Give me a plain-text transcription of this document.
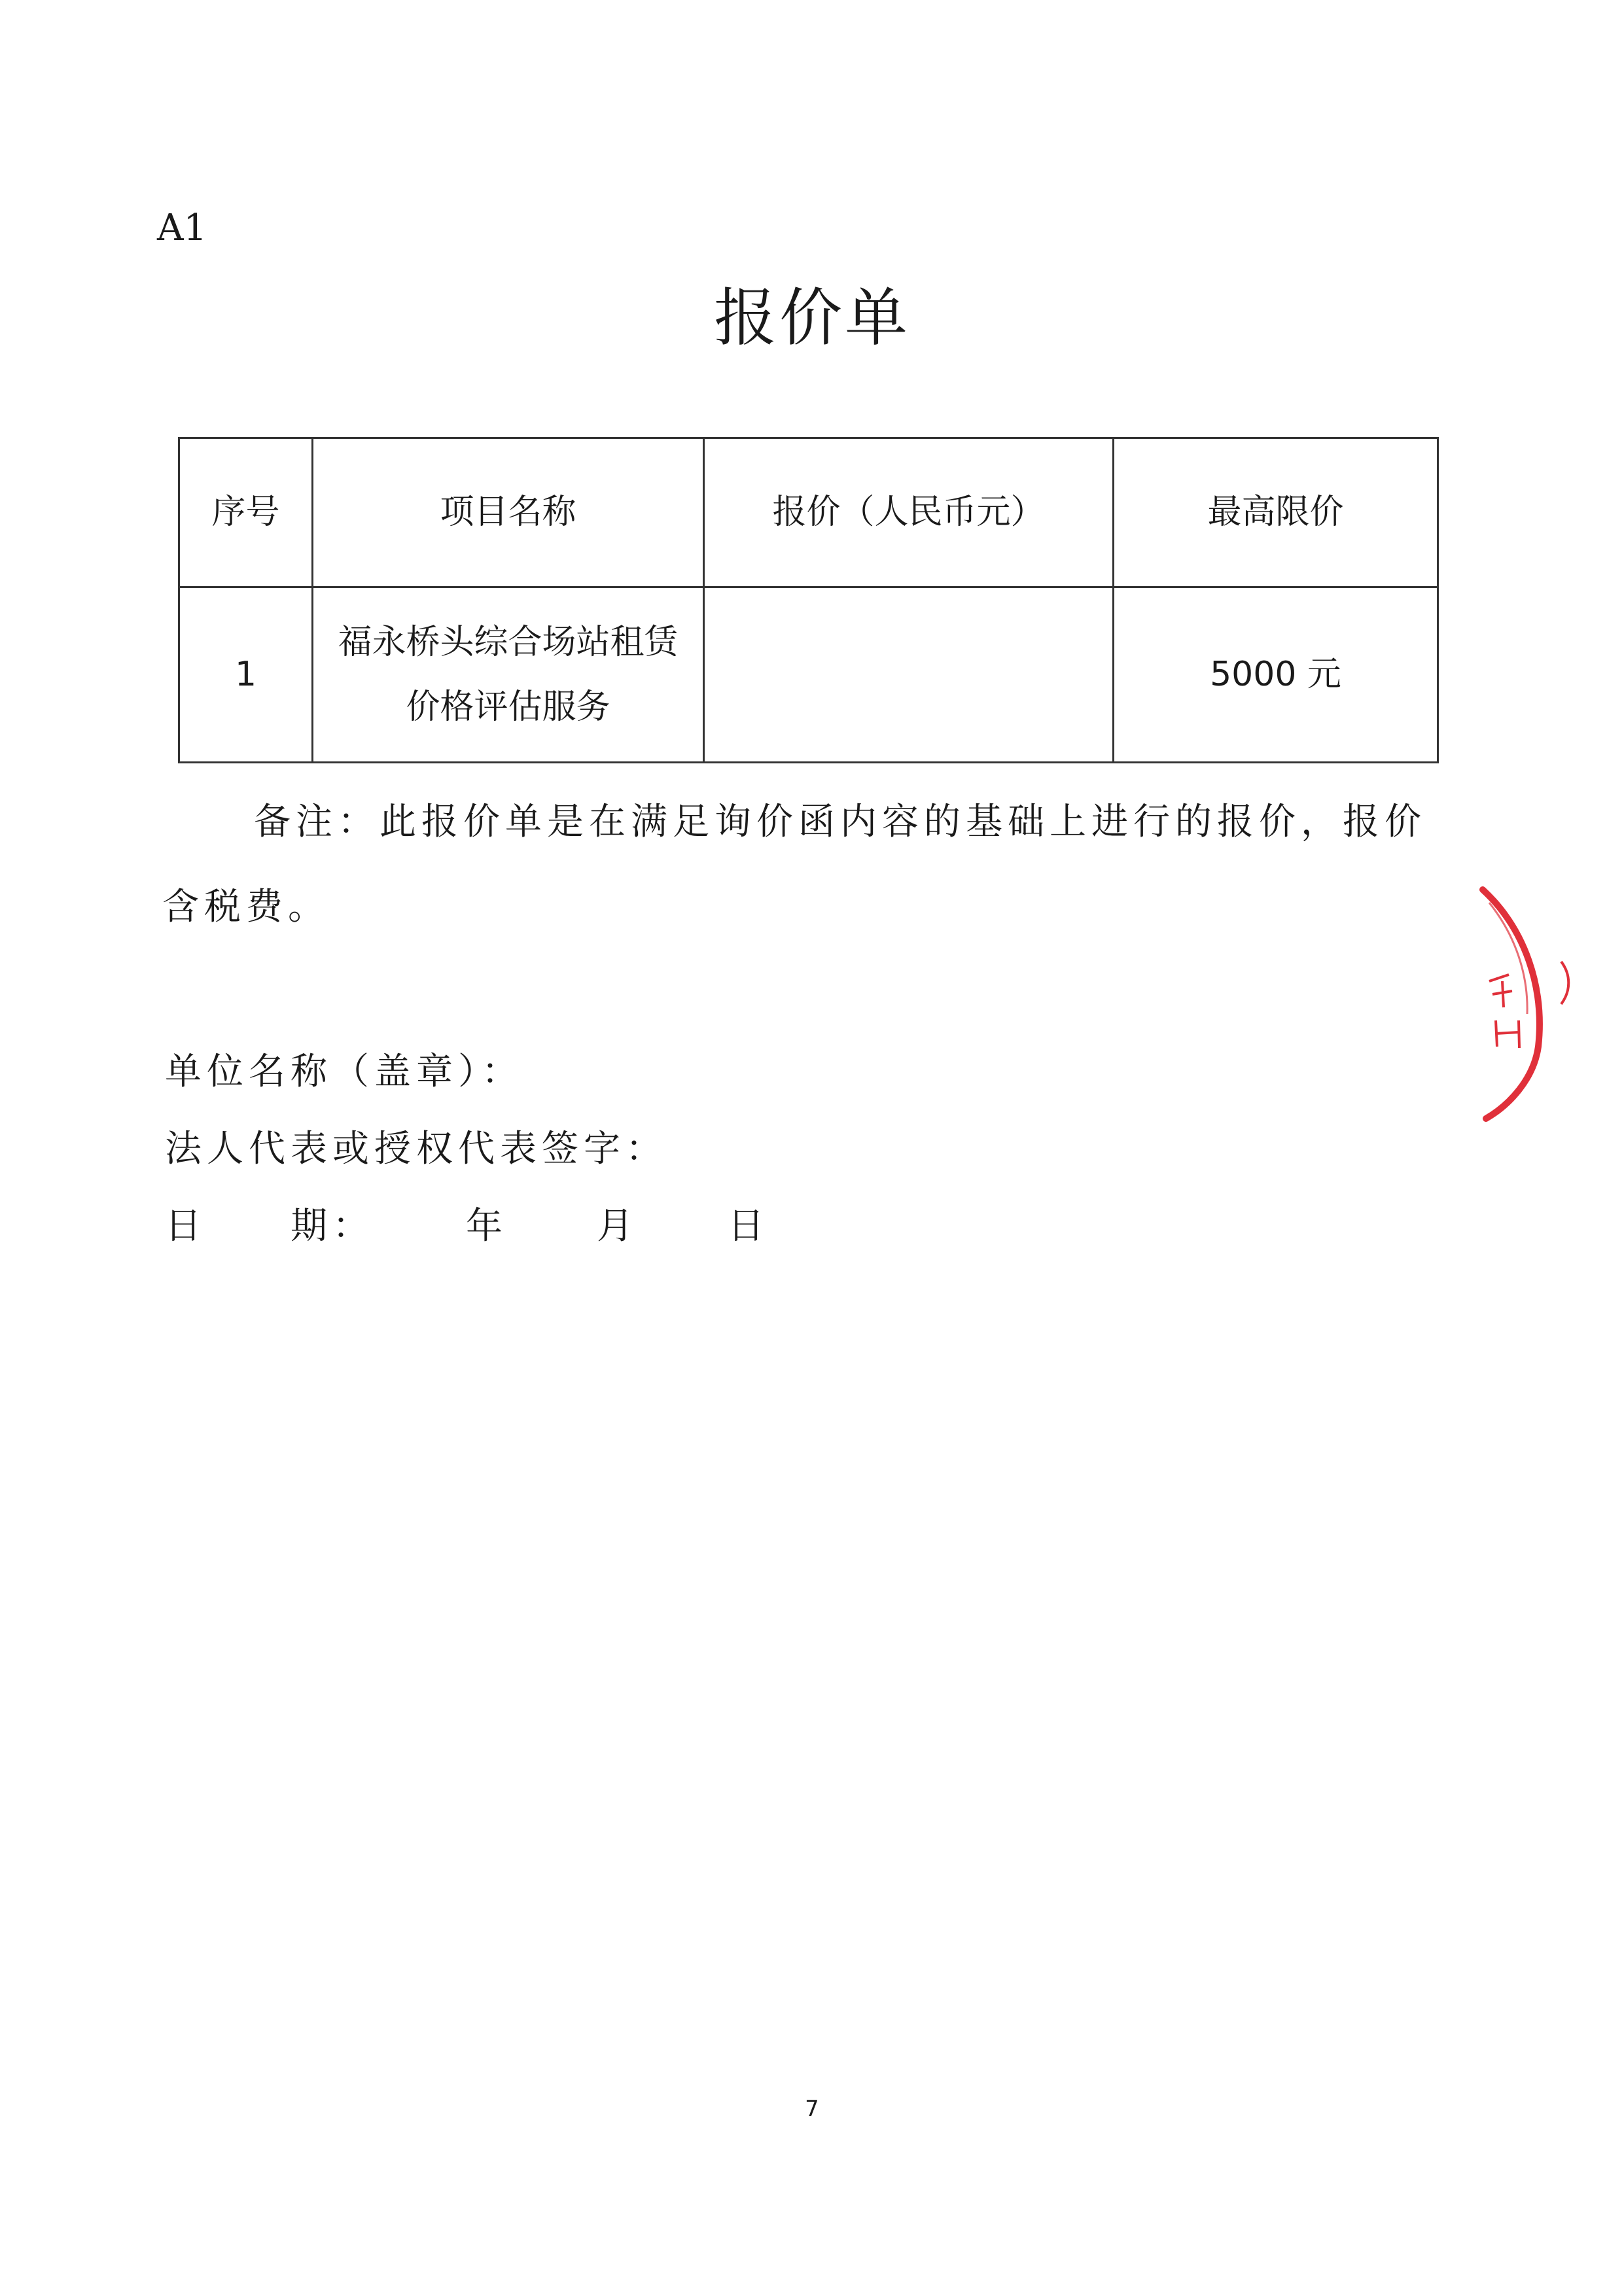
A1
报价单
序号	项目名称	报价（人民币元）	最高限价
1	福永桥头综合场站租赁价格评估服务		5000 元
备注：此报价单是在满足询价函内容的基础上进行的报价，报价含税费。
单位名称（盖章）：
法人代表或授权代表签字：
日　　期：	年 月 日
7
